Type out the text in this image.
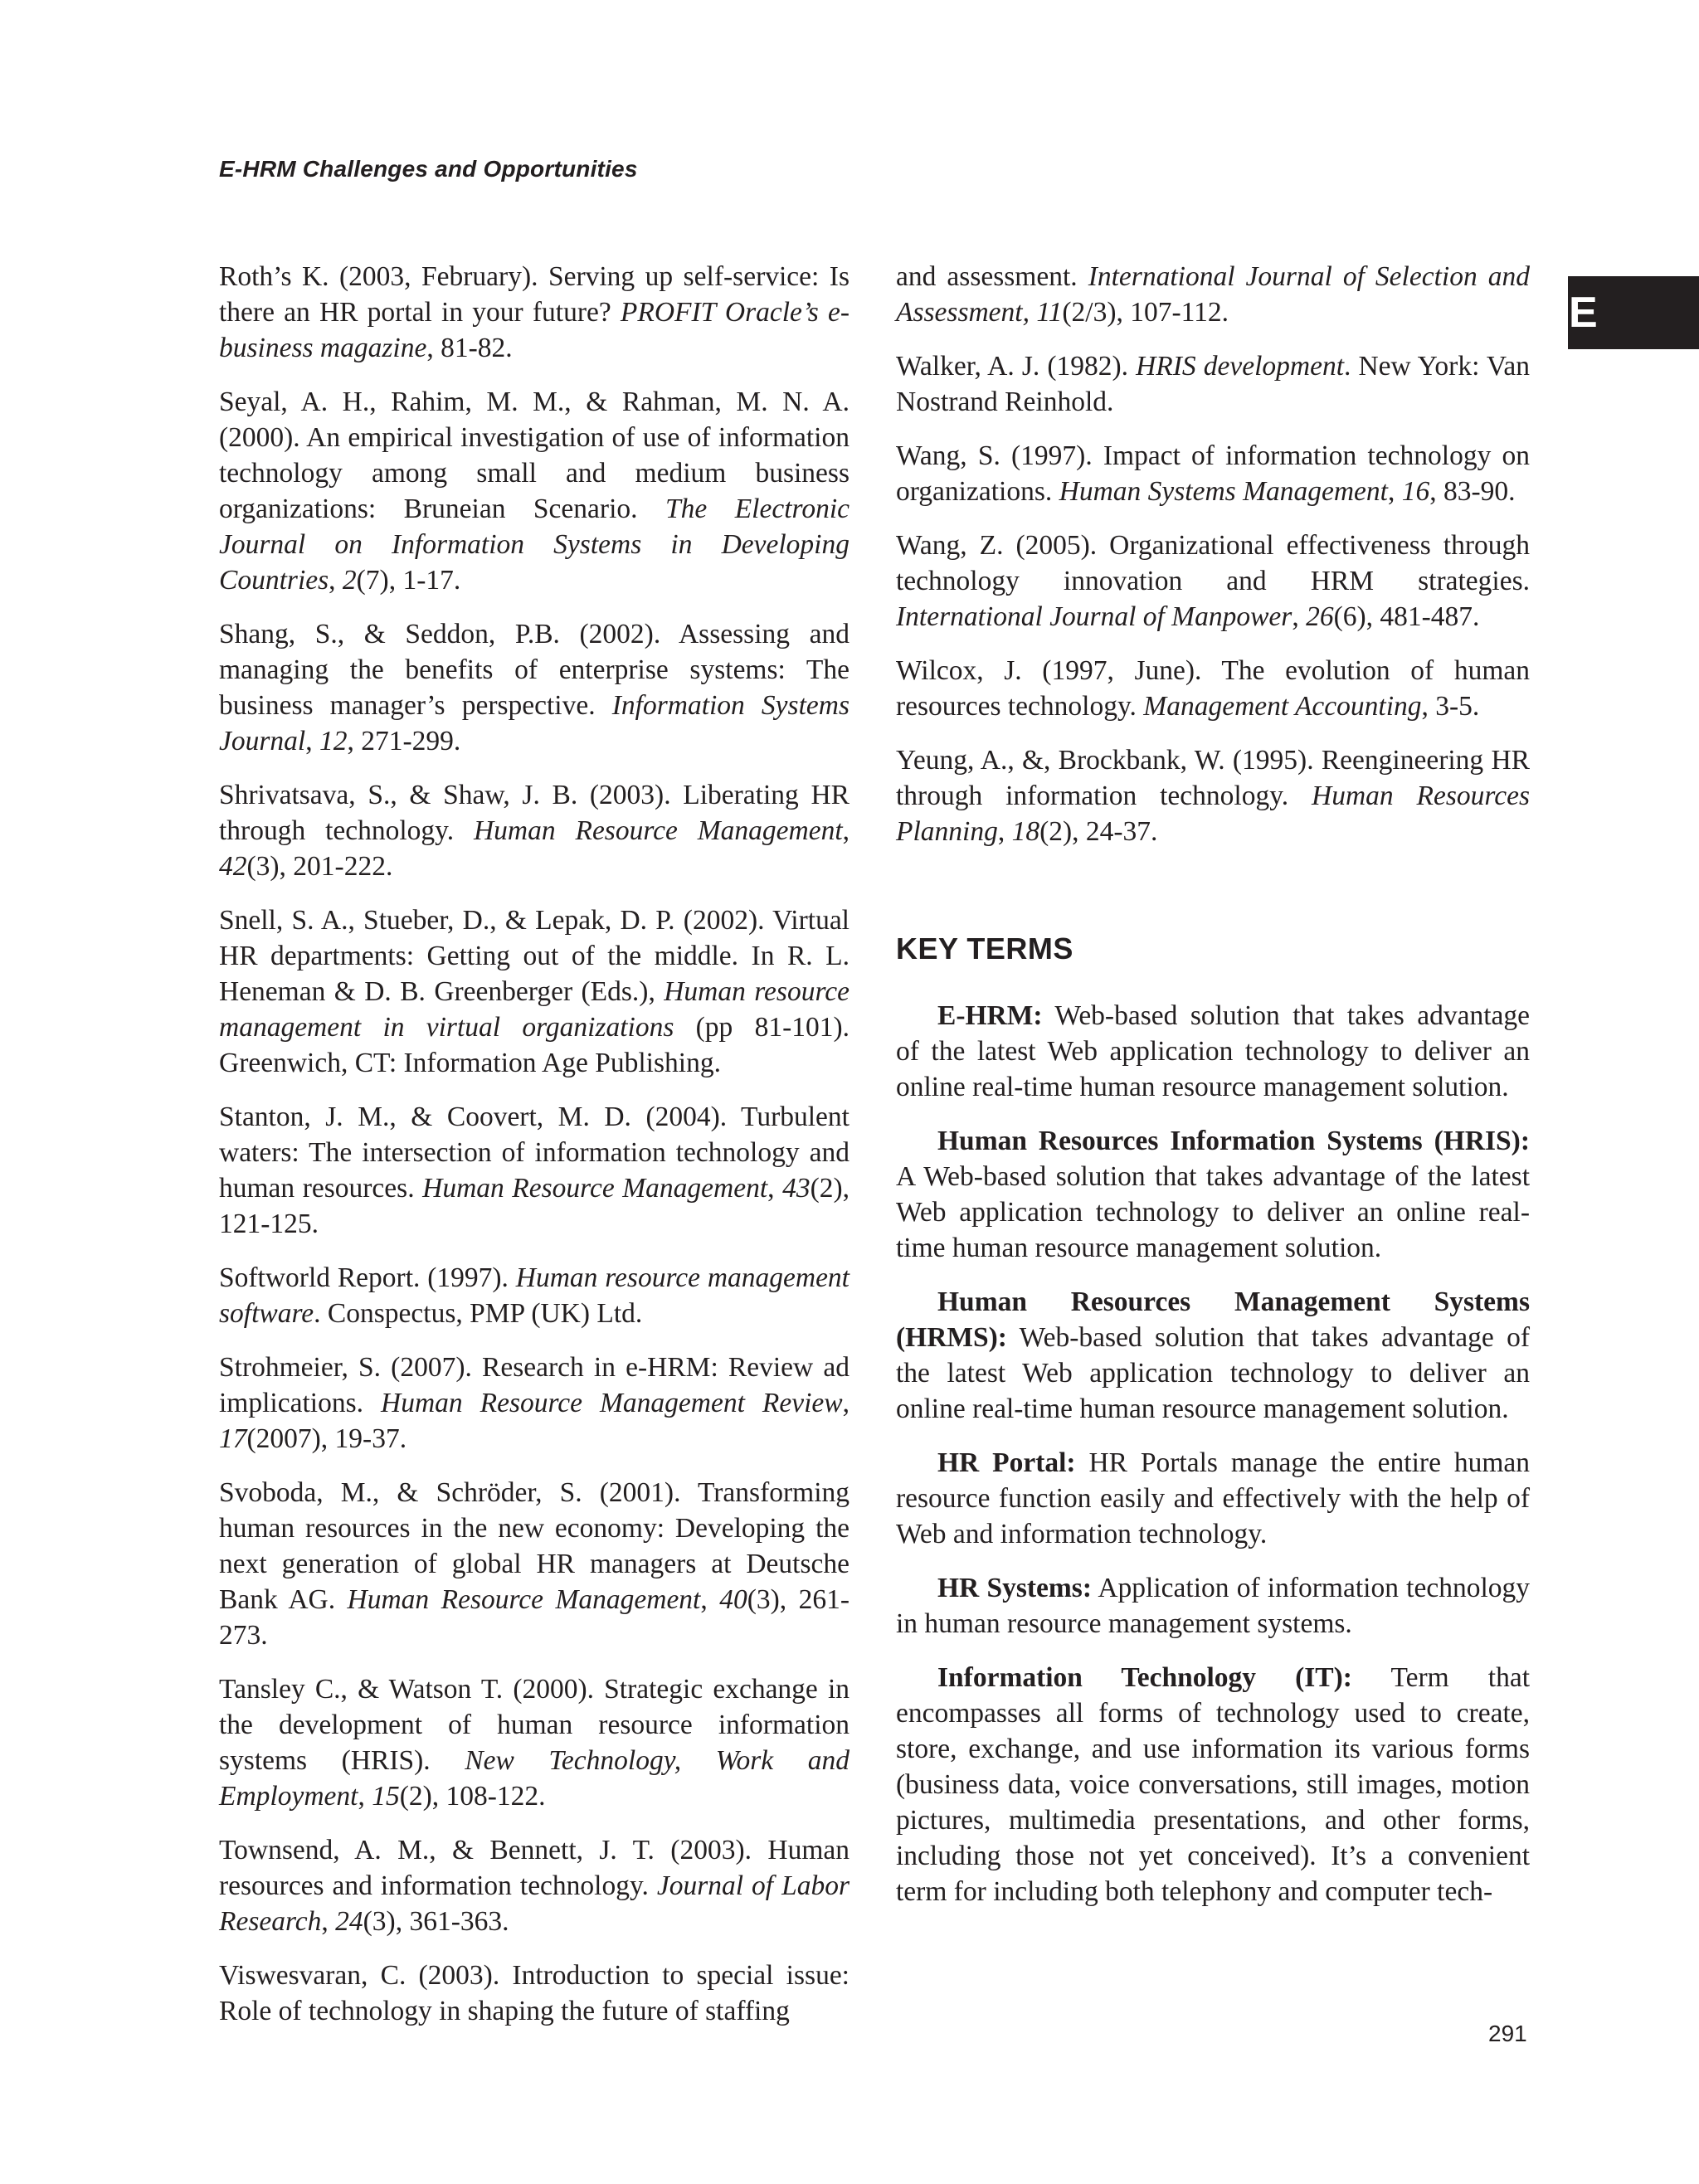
E-HRM Challenges and Opportunities
E

Roth’s K. (2003, February). Serving up self-service: Is there an HR portal in your future? PROFIT Oracle’s e-business magazine, 81-82.

Seyal, A. H., Rahim, M. M., & Rahman, M. N. A. (2000). An empirical investigation of use of information technology among small and medium business organizations: Bruneian Scenario. The Electronic Journal on Information Systems in Developing Countries, 2(7), 1-17.

Shang, S., & Seddon, P.B. (2002). Assessing and managing the benefits of enterprise systems: The business manager’s perspective. Information Systems Journal, 12, 271-299.

Shrivatsava, S., & Shaw, J. B. (2003). Liberating HR through technology. Human Resource Management, 42(3), 201-222.

Snell, S. A., Stueber, D., & Lepak, D. P. (2002). Virtual HR departments: Getting out of the middle. In R. L. Heneman & D. B. Greenberger (Eds.), Human resource management in virtual organizations (pp 81-101). Greenwich, CT: Information Age Publishing.

Stanton, J. M., & Coovert, M. D. (2004). Turbulent waters: The intersection of information technology and human resources. Human Resource Management, 43(2), 121-125.

Softworld Report. (1997). Human resource management software. Conspectus, PMP (UK) Ltd.

Strohmeier, S. (2007). Research in e-HRM: Review ad implications. Human Resource Management Review, 17(2007), 19-37.

Svoboda, M., & Schröder, S. (2001). Transforming human resources in the new economy: Developing the next generation of global HR managers at Deutsche Bank AG. Human Resource Management, 40(3), 261-273.

Tansley C., & Watson T. (2000). Strategic exchange in the development of human resource information systems (HRIS). New Technology, Work and Employment, 15(2), 108-122.

Townsend, A. M., & Bennett, J. T. (2003). Human resources and information technology. Journal of Labor Research, 24(3), 361-363.

Viswesvaran, C. (2003). Introduction to special issue: Role of technology in shaping the future of staffing

and assessment. International Journal of Selection and Assessment, 11(2/3), 107-112.

Walker, A. J. (1982). HRIS development. New York: Van Nostrand Reinhold.

Wang, S. (1997). Impact of information technology on organizations. Human Systems Management, 16, 83-90.

Wang, Z. (2005). Organizational effectiveness through technology innovation and HRM strategies. International Journal of Manpower, 26(6), 481-487.

Wilcox, J. (1997, June). The evolution of human resources technology. Management Accounting, 3-5.

Yeung, A., &, Brockbank, W. (1995). Reengineering HR through information technology. Human Resources Planning, 18(2), 24-37.

KEY TERMS

E-HRM: Web-based solution that takes advantage of the latest Web application technology to deliver an online real-time human resource management solution.

Human Resources Information Systems (HRIS): A Web-based solution that takes advantage of the latest Web application technology to deliver an online real-time human resource management solution.

Human Resources Management Systems (HRMS): Web-based solution that takes advantage of the latest Web application technology to deliver an online real-time human resource management solution.

HR Portal: HR Portals manage the entire human resource function easily and effectively with the help of Web and information technology.

HR Systems: Application of information technology in human resource management systems.

Information Technology (IT): Term that encompasses all forms of technology used to create, store, exchange, and use information its various forms (business data, voice conversations, still images, motion pictures, multimedia presentations, and other forms, including those not yet conceived). It’s a convenient term for including both telephony and computer tech-

291
